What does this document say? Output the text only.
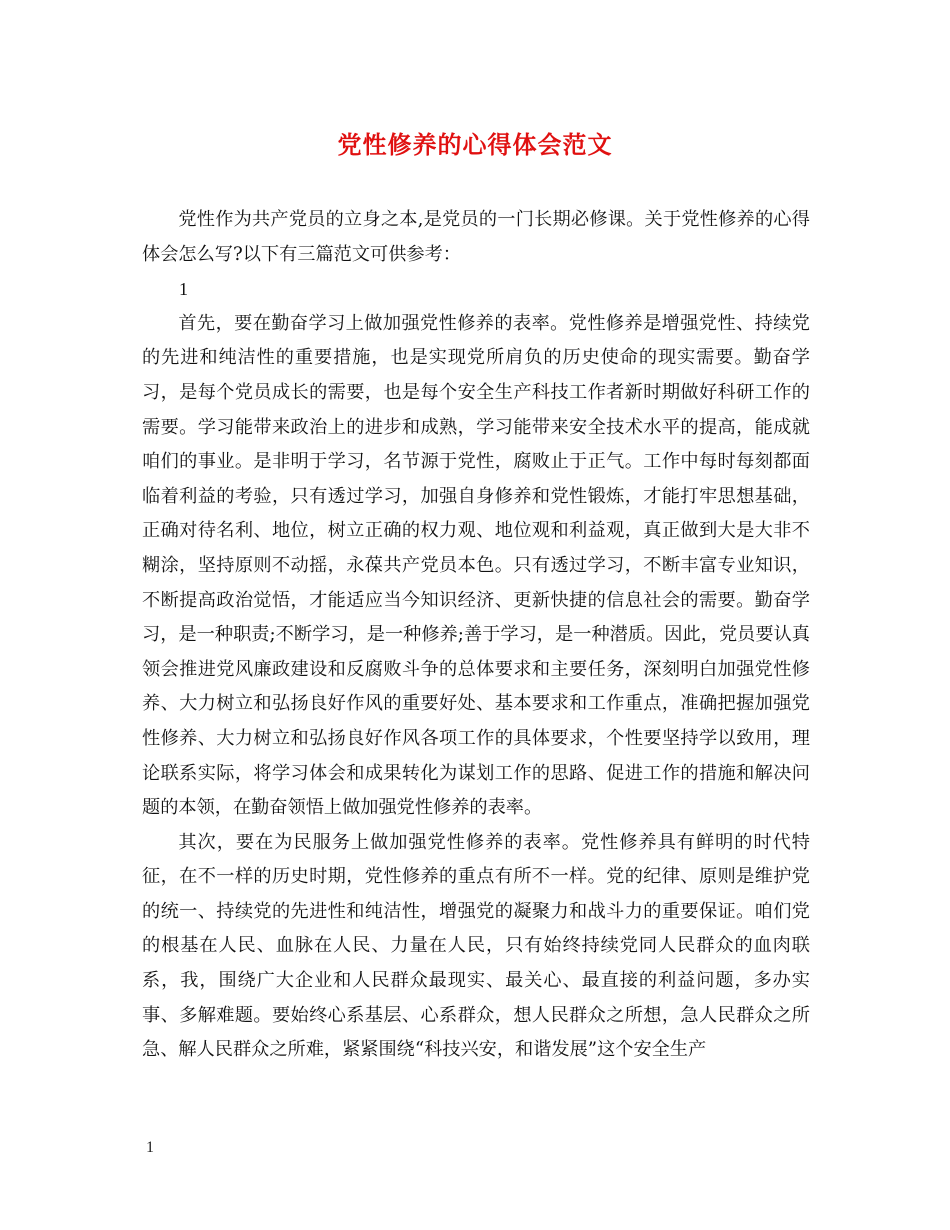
党性修养的心得体会范文

党性作为共产党员的立身之本,是党员的一门长期必修课。关于党性修养的心得体会怎么写?以下有三篇范文可供参考：

1

首先，要在勤奋学习上做加强党性修养的表率。党性修养是增强党性、持续党的先进和纯洁性的重要措施，也是实现党所肩负的历史使命的现实需要。勤奋学习，是每个党员成长的需要，也是每个安全生产科技工作者新时期做好科研工作的需要。学习能带来政治上的进步和成熟，学习能带来安全技术水平的提高，能成就咱们的事业。是非明于学习，名节源于党性，腐败止于正气。工作中每时每刻都面临着利益的考验，只有透过学习，加强自身修养和党性锻炼，才能打牢思想基础，正确对待名利、地位，树立正确的权力观、地位观和利益观，真正做到大是大非不糊涂，坚持原则不动摇，永葆共产党员本色。只有透过学习，不断丰富专业知识，不断提高政治觉悟，才能适应当今知识经济、更新快捷的信息社会的需要。勤奋学习，是一种职责;不断学习，是一种修养;善于学习，是一种潜质。因此，党员要认真领会推进党风廉政建设和反腐败斗争的总体要求和主要任务，深刻明白加强党性修养、大力树立和弘扬良好作风的重要好处、基本要求和工作重点，准确把握加强党性修养、大力树立和弘扬良好作风各项工作的具体要求，个性要坚持学以致用，理论联系实际，将学习体会和成果转化为谋划工作的思路、促进工作的措施和解决问题的本领，在勤奋领悟上做加强党性修养的表率。

其次，要在为民服务上做加强党性修养的表率。党性修养具有鲜明的时代特征，在不一样的历史时期，党性修养的重点有所不一样。党的纪律、原则是维护党的统一、持续党的先进性和纯洁性，增强党的凝聚力和战斗力的重要保证。咱们党的根基在人民、血脉在人民、力量在人民，只有始终持续党同人民群众的血肉联系，我，围绕广大企业和人民群众最现实、最关心、最直接的利益问题，多办实事、多解难题。要始终心系基层、心系群众，想人民群众之所想，急人民群众之所急、解人民群众之所难，紧紧围绕“科技兴安，和谐发展”这个安全生产

1
